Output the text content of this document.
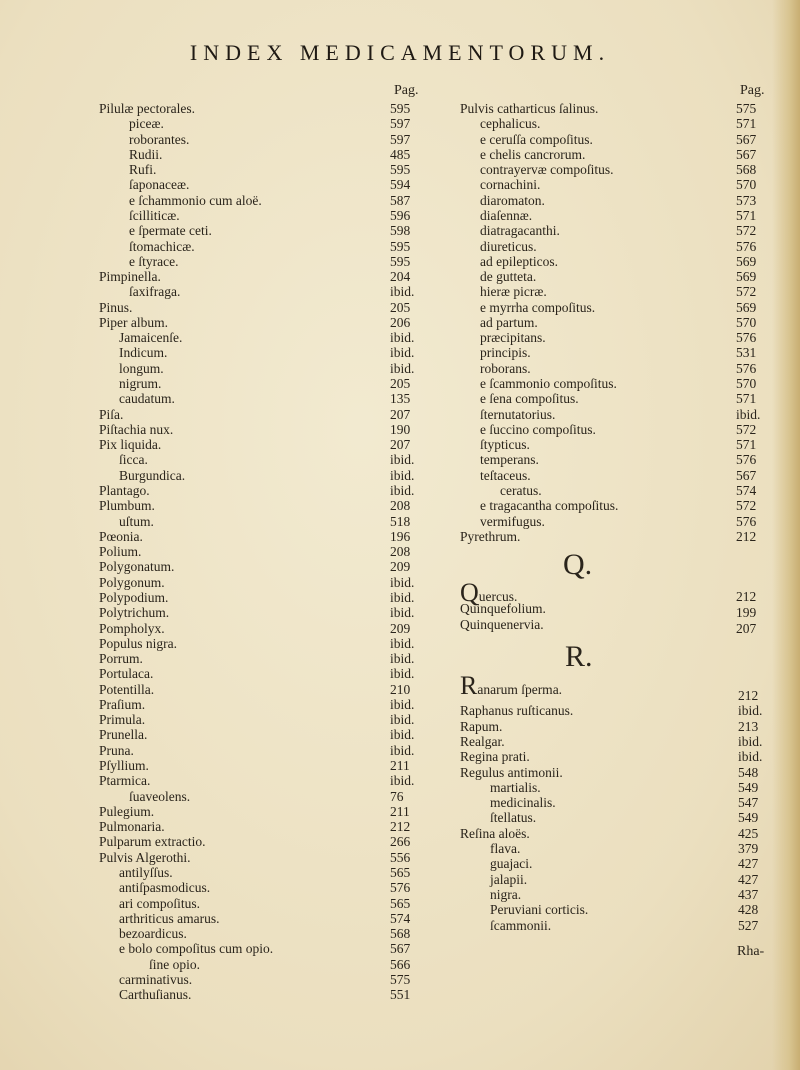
INDEX MEDICAMENTORUM.
Pag.
Pilulæ pectorales.	595
piceæ.	597
roborantes.	597
Rudii.	485
Rufi.	595
ſaponaceæ.	594
e ſchammonio cum aloë.	587
ſcilliticæ.	596
e ſpermate ceti.	598
ſtomachicæ.	595
e ſtyrace.	595
Pimpinella.	204
ſaxifraga.	ibid.
Pinus.	205
Piper album.	206
Jamaicenſe.	ibid.
Indicum.	ibid.
longum.	ibid.
nigrum.	205
caudatum.	135
Piſa.	207
Piſtachia nux.	190
Pix liquida.	207
ſicca.	ibid.
Burgundica.	ibid.
Plantago.	ibid.
Plumbum.	208
uſtum.	518
Pœonia.	196
Polium.	208
Polygonatum.	209
Polygonum.	ibid.
Polypodium.	ibid.
Polytrichum.	ibid.
Pompholyx.	209
Populus nigra.	ibid.
Porrum.	ibid.
Portulaca.	ibid.
Potentilla.	210
Praſium.	ibid.
Primula.	ibid.
Prunella.	ibid.
Pruna.	ibid.
Pſyllium.	211
Ptarmica.	ibid.
ſuaveolens.	76
Pulegium.	211
Pulmonaria.	212
Pulparum extractio.	266
Pulvis Algerothi.	556
antilyſſus.	565
antiſpasmodicus.	576
ari compoſitus.	565
arthriticus amarus.	574
bezoardicus.	568
e bolo compoſitus cum opio.	567
ſine opio.	566
carminativus.	575
Carthuſianus.	551
Pag.
Pulvis catharticus ſalinus.	575
cephalicus.	571
e ceruſſa compoſitus.	567
e chelis cancrorum.	567
contrayervæ compoſitus.	568
cornachini.	570
diaromaton.	573
diaſennæ.	571
diatragacanthi.	572
diureticus.	576
ad epilepticos.	569
de gutteta.	569
hieræ picræ.	572
e myrrha compoſitus.	569
ad partum.	570
præcipitans.	576
principis.	531
roborans.	576
e ſcammonio compoſitus.	570
e ſena compoſitus.	571
ſternutatorius.	ibid.
e ſuccino compoſitus.	572
ſtypticus.	571
temperans.	576
teſtaceus.	567
ceratus.	574
e tragacantha compoſitus.	572
vermifugus.	576
Pyrethrum.	212
Q.
Quercus.	212
Quinquefolium.	199
Quinquenervia.	207
R.
Ranarum ſperma.	212
Raphanus ruſticanus.	ibid.
Rapum.	213
Realgar.	ibid.
Regina prati.	ibid.
Regulus antimonii.	548
martialis.	549
medicinalis.	547
ſtellatus.	549
Reſina aloës.	425
flava.	379
guajaci.	427
jalapii.	427
nigra.	437
Peruviani corticis.	428
ſcammonii.	527
Rha-
